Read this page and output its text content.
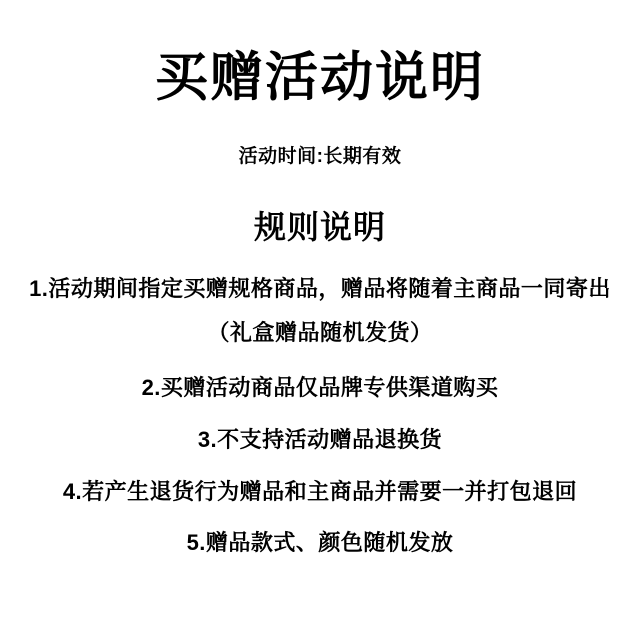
买赠活动说明
活动时间:长期有效
规则说明

1.活动期间指定买赠规格商品，赠品将随着主商品一同寄出

（礼盒赠品随机发货）

2.买赠活动商品仅品牌专供渠道购买

3.不支持活动赠品退换货

4.若产生退货行为赠品和主商品并需要一并打包退回

5.赠品款式、颜色随机发放
